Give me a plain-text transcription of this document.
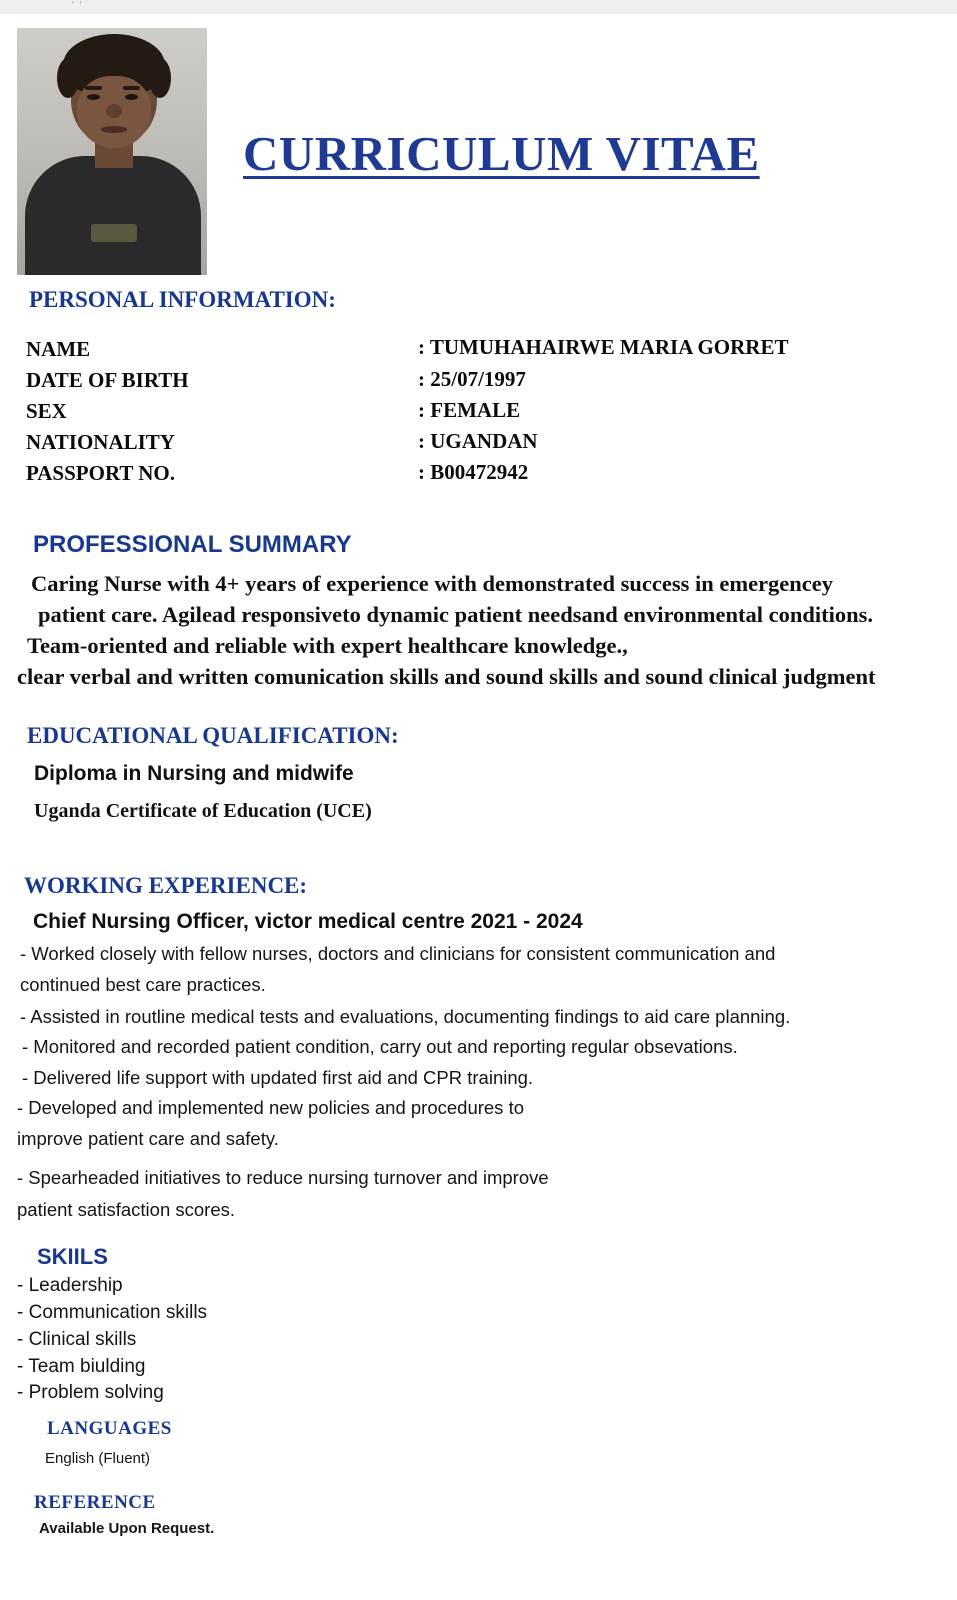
' '
CURRICULUM VITAE
PERSONAL INFORMATION:
NAME	: TUMUHAHAIRWE MARIA GORRET
DATE OF BIRTH	: 25/07/1997
SEX	: FEMALE
NATIONALITY	: UGANDAN
PASSPORT NO.	: B00472942
PROFESSIONAL SUMMARY
Caring Nurse with 4+ years of experience with demonstrated success in emergencey
patient care. Agilead responsiveto dynamic patient needsand environmental conditions.
Team-oriented and reliable with expert healthcare knowledge.,
clear verbal and written comunication skills and sound skills and sound clinical judgment
EDUCATIONAL QUALIFICATION:
Diploma in Nursing and midwife
Uganda Certificate of Education (UCE)
WORKING EXPERIENCE:
Chief Nursing Officer, victor medical centre 2021 - 2024
- Worked closely with fellow nurses, doctors and clinicians for consistent communication and
continued best care practices.
- Assisted in routline medical tests and evaluations, documenting findings to aid care planning.
- Monitored and recorded patient condition, carry out and reporting regular obsevations.
- Delivered life support with updated first aid and CPR training.
- Developed and implemented new policies and procedures to
improve patient care and safety.
- Spearheaded initiatives to reduce nursing turnover and improve
patient satisfaction scores.
SKIILS
- Leadership
- Communication skills
- Clinical skills
- Team biulding
- Problem solving
LANGUAGES
English (Fluent)
REFERENCE
Available Upon Request.
